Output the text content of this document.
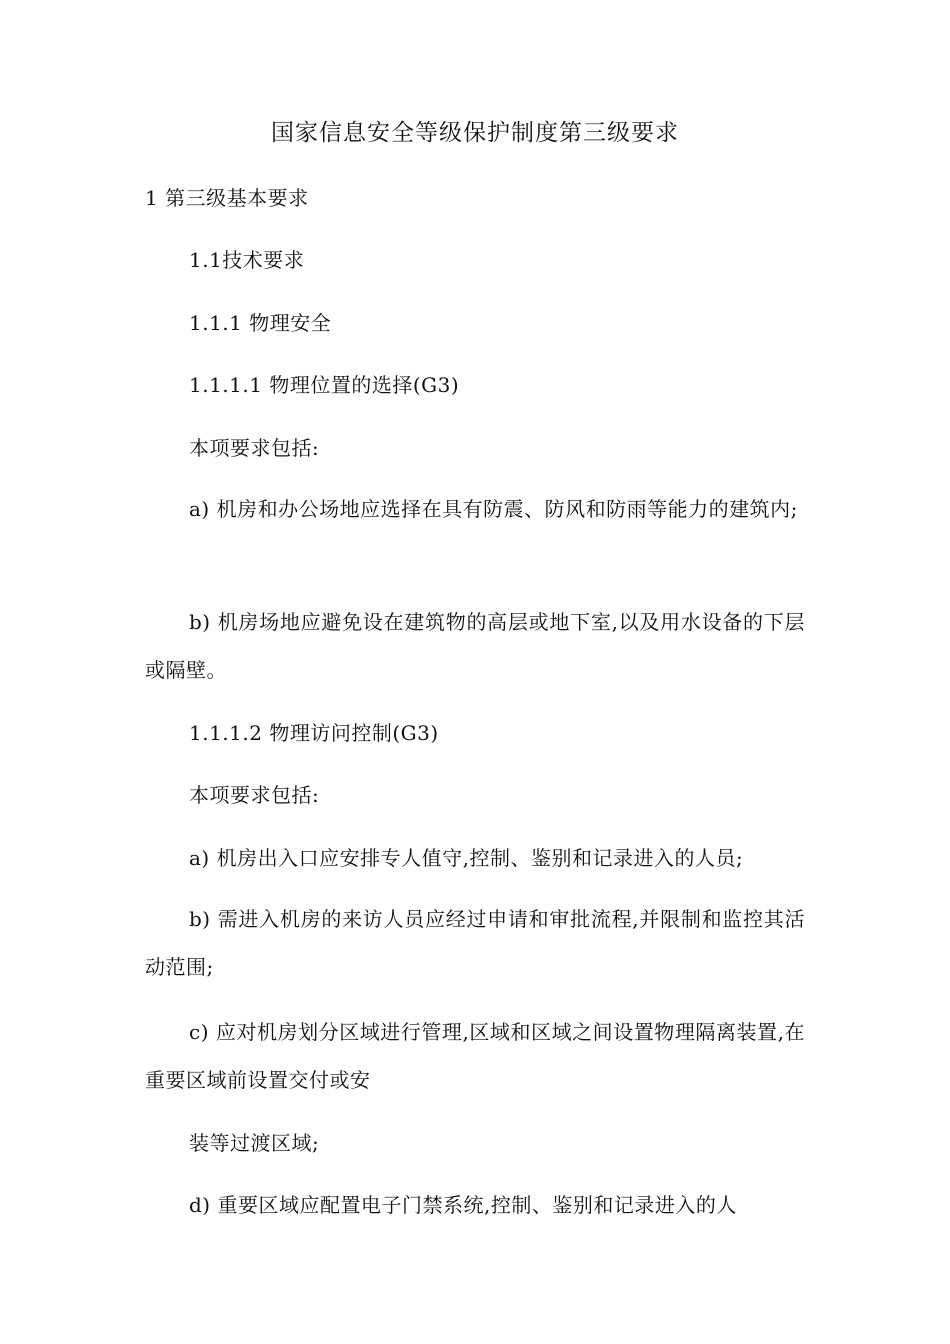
国家信息安全等级保护制度第三级要求
1 第三级基本要求
1.1技术要求
1.1.1 物理安全
1.1.1.1 物理位置的选择(G3)
本项要求包括:
a) 机房和办公场地应选择在具有防震、防风和防雨等能力的建筑内;
b) 机房场地应避免设在建筑物的高层或地下室,以及用水设备的下层或隔壁。
1.1.1.2 物理访问控制(G3)
本项要求包括:
a) 机房出入口应安排专人值守,控制、鉴别和记录进入的人员;
b) 需进入机房的来访人员应经过申请和审批流程,并限制和监控其活动范围;
c) 应对机房划分区域进行管理,区域和区域之间设置物理隔离装置,在重要区域前设置交付或安
装等过渡区域;
d) 重要区域应配置电子门禁系统,控制、鉴别和记录进入的人
